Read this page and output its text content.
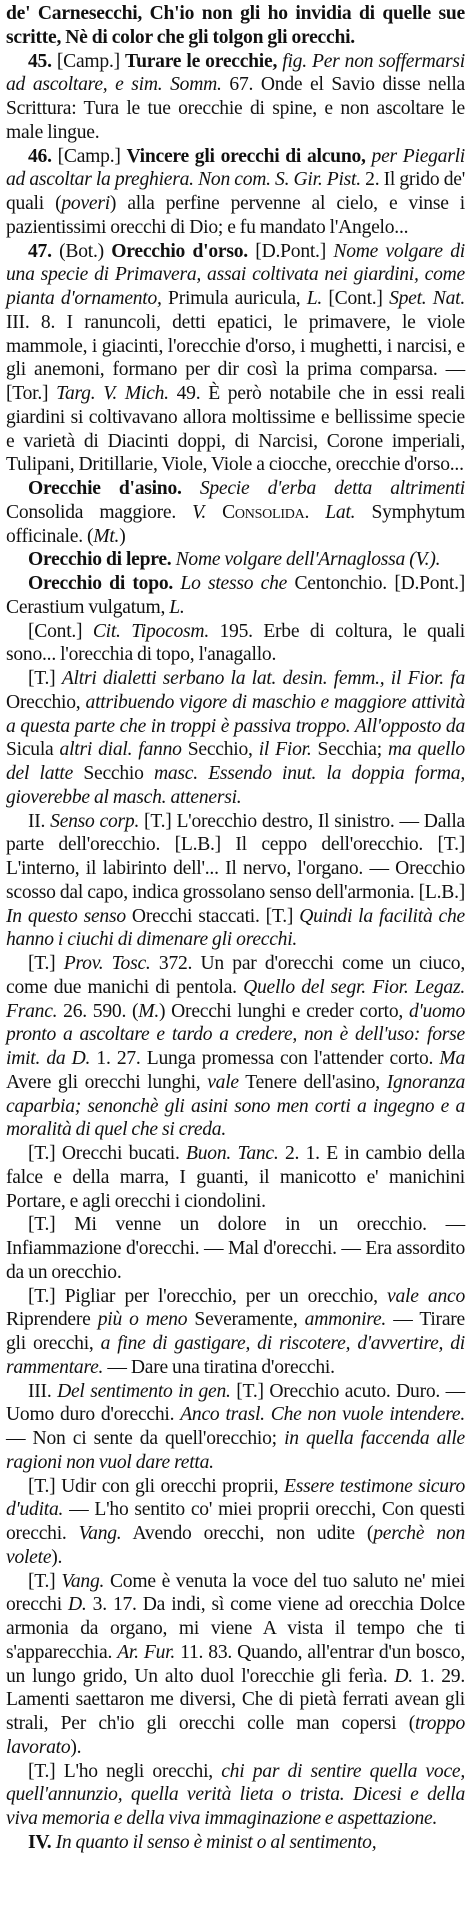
de' Carnesecchi, Ch'io non gli ho invidia di quelle sue scritte, Nè di color che gli tolgon gli orecchi.

45. [Camp.] Turare le orecchie, fig. Per non soffermarsi ad ascoltare, e sim. Somm. 67. Onde el Savio disse nella Scrittura: Tura le tue orecchie di spine, e non ascoltare le male lingue.

46. [Camp.] Vincere gli orecchi di alcuno, per Piegarli ad ascoltar la preghiera. Non com. S. Gir. Pist. 2. Il grido de' quali (poveri) alla perfine pervenne al cielo, e vinse i pazientissimi orecchi di Dio; e fu mandato l'Angelo...

47. (Bot.) Orecchio d'orso. [D.Pont.] Nome volgare di una specie di Primavera, assai coltivata nei giardini, come pianta d'ornamento, Primula auricula, L. [Cont.] Spet. Nat. III. 8. I ranuncoli, detti epatici, le primavere, le viole mammole, i giacinti, l'orecchie d'orso, i mughetti, i narcisi, e gli anemoni, formano per dir così la prima comparsa. — [Tor.] Targ. V. Mich. 49. È però notabile che in essi reali giardini si coltivavano allora moltissime e bellissime specie e varietà di Diacinti doppi, di Narcisi, Corone imperiali, Tulipani, Dritillarie, Viole, Viole a ciocche, orecchie d'orso...

Orecchie d'asino. Specie d'erba detta altrimenti Consolida maggiore. V. Consolida. Lat. Symphytum officinale. (Mt.)

Orecchio di lepre. Nome volgare dell'Arnaglossa (V.).

Orecchio di topo. Lo stesso che Centonchio. [D.Pont.] Cerastium vulgatum, L.

[Cont.] Cit. Tipocosm. 195. Erbe di coltura, le quali sono... l'orecchia di topo, l'anagallo.

[T.] Altri dialetti serbano la lat. desin. femm., il Fior. fa Orecchio, attribuendo vigore di maschio e maggiore attività a questa parte che in troppi è passiva troppo. All'opposto da Sicula altri dial. fanno Secchio, il Fior. Secchia; ma quello del latte Secchio masc. Essendo inut. la doppia forma, gioverebbe al masch. attenersi.

II. Senso corp. [T.] L'orecchio destro, Il sinistro. — Dalla parte dell'orecchio. [L.B.] Il ceppo dell'orecchio. [T.] L'interno, il labirinto dell'... Il nervo, l'organo. — Orecchio scosso dal capo, indica grossolano senso dell'armonia. [L.B.] In questo senso Orecchi staccati. [T.] Quindi la facilità che hanno i ciuchi di dimenare gli orecchi.

[T.] Prov. Tosc. 372. Un par d'orecchi come un ciuco, come due manichi di pentola. Quello del segr. Fior. Legaz. Franc. 26. 590. (M.) Orecchi lunghi e creder corto, d'uomo pronto a ascoltare e tardo a credere, non è dell'uso: forse imit. da D. 1. 27. Lunga promessa con l'attender corto. Ma Avere gli orecchi lunghi, vale Tenere dell'asino, Ignoranza caparbia; senonchè gli asini sono men corti a ingegno e a moralità di quel che si creda.

[T.] Orecchi bucati. Buon. Tanc. 2. 1. E in cambio della falce e della marra, I guanti, il manicotto e' manichini Portare, e agli orecchi i ciondolini.

[T.] Mi venne un dolore in un orecchio. — Infiammazione d'orecchi. — Mal d'orecchi. — Era assordito da un orecchio.

[T.] Pigliar per l'orecchio, per un orecchio, vale anco Riprendere più o meno Severamente, ammonire. — Tirare gli orecchi, a fine di gastigare, di riscotere, d'avvertire, di rammentare. — Dare una tiratina d'orecchi.

III. Del sentimento in gen. [T.] Orecchio acuto. Duro. — Uomo duro d'orecchi. Anco trasl. Che non vuole intendere. — Non ci sente da quell'orecchio; in quella faccenda alle ragioni non vuol dare retta.

[T.] Udir con gli orecchi proprii, Essere testimone sicuro d'udita. — L'ho sentito co' miei proprii orecchi, Con questi orecchi. Vang. Avendo orecchi, non udite (perchè non volete).

[T.] Vang. Come è venuta la voce del tuo saluto ne' miei orecchi D. 3. 17. Da indi, sì come viene ad orecchia Dolce armonia da organo, mi viene A vista il tempo che ti s'apparecchia. Ar. Fur. 11. 83. Quando, all'entrar d'un bosco, un lungo grido, Un alto duol l'orecchie gli ferìa. D. 1. 29. Lamenti saettaron me diversi, Che di pietà ferrati avean gli strali, Per ch'io gli orecchi colle man copersi (troppo lavorato).

[T.] L'ho negli orecchi, chi par di sentire quella voce, quell'annunzio, quella verità lieta o trista. Dicesi e della viva memoria e della viva immaginazione e aspettazione.

IV. In quanto il senso è minist o al sentimento,
